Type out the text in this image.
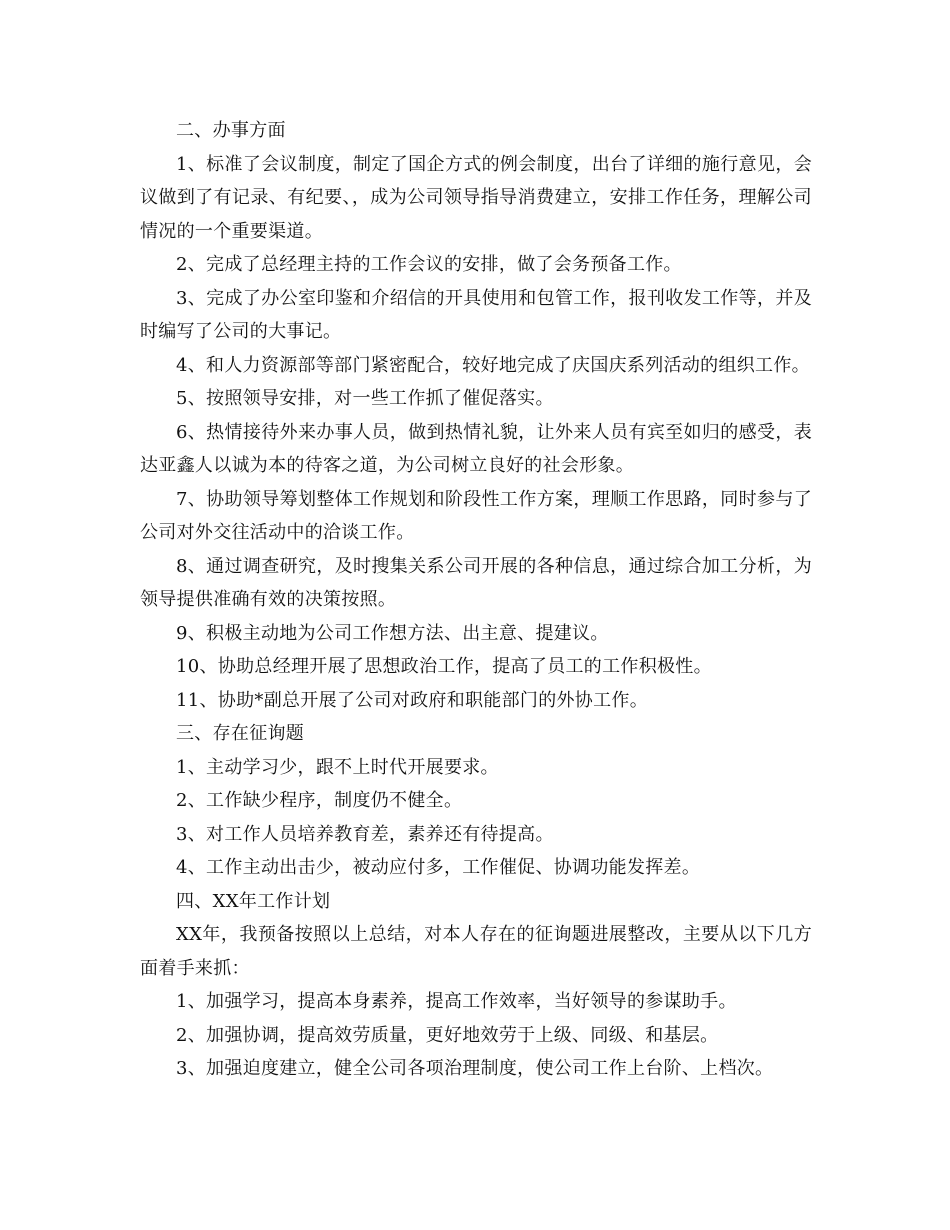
二、办事方面

1、标准了会议制度，制定了国企方式的例会制度，出台了详细的施行意见，会议做到了有记录、有纪要、，成为公司领导指导消费建立，安排工作任务，理解公司情况的一个重要渠道。

2、完成了总经理主持的工作会议的安排，做了会务预备工作。

3、完成了办公室印鉴和介绍信的开具使用和包管工作，报刊收发工作等，并及时编写了公司的大事记。

4、和人力资源部等部门紧密配合，较好地完成了庆国庆系列活动的组织工作。

5、按照领导安排，对一些工作抓了催促落实。

6、热情接待外来办事人员，做到热情礼貌，让外来人员有宾至如归的感受，表达亚鑫人以诚为本的待客之道，为公司树立良好的社会形象。

7、协助领导筹划整体工作规划和阶段性工作方案，理顺工作思路，同时参与了公司对外交往活动中的洽谈工作。

8、通过调查研究，及时搜集关系公司开展的各种信息，通过综合加工分析，为领导提供准确有效的决策按照。

9、积极主动地为公司工作想方法、出主意、提建议。

10、协助总经理开展了思想政治工作，提高了员工的工作积极性。

11、协助*副总开展了公司对政府和职能部门的外协工作。

三、存在征询题

1、主动学习少，跟不上时代开展要求。

2、工作缺少程序，制度仍不健全。

3、对工作人员培养教育差，素养还有待提高。

4、工作主动出击少，被动应付多，工作催促、协调功能发挥差。

四、XX年工作计划

XX年，我预备按照以上总结，对本人存在的征询题进展整改，主要从以下几方面着手来抓：

1、加强学习，提高本身素养，提高工作效率，当好领导的参谋助手。

2、加强协调，提高效劳质量，更好地效劳于上级、同级、和基层。

3、加强迫度建立，健全公司各项治理制度，使公司工作上台阶、上档次。
